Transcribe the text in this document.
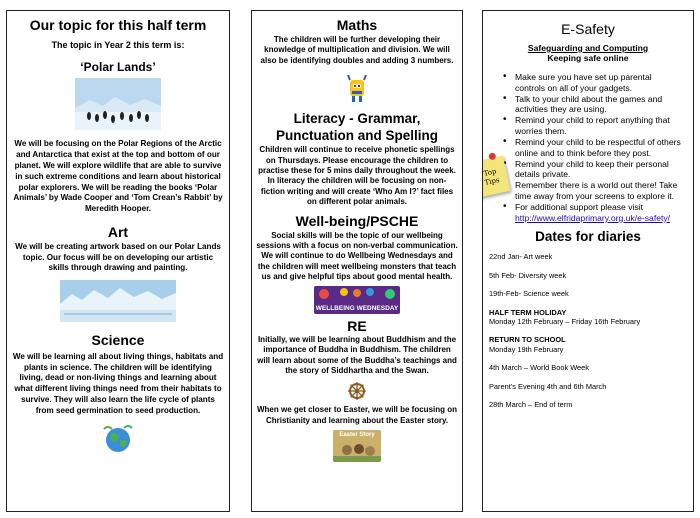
Our topic for this half term
The topic in Year 2 this term is:
‘Polar Lands’
We will be focusing on the Polar Regions of the Arctic and Antarctica that exist at the top and bottom of our planet. We will explore wildlife that are able to survive in such extreme conditions and learn about historical polar explorers. We will be reading the books ‘Polar Animals’ by Wade Cooper and ‘Tom Crean’s Rabbit’ by Meredith Hooper.
Art
We will be creating artwork based on our Polar Lands topic. Our focus will be on developing our artistic skills through drawing and painting.
Science
We will be learning all about living things, habitats and plants in science. The children will be identifying living, dead or non-living things and learning about what different living things need from their habitats to survive. They will also learn the life cycle of plants from seed germination to seed production.
Maths
The children will be further developing their knowledge of multiplication and division. We will also be identifying doubles and adding 3 numbers.
Literacy - Grammar, Punctuation and Spelling
Children will continue to receive phonetic spellings on Thursdays. Please encourage the children to practise these for 5 mins daily throughout the week.
In literacy the children will be focusing on non-fiction writing and will create ‘Who Am I?’ fact files on different polar animals.
Well-being/PSCHE
Social skills will be the topic of our wellbeing sessions with a focus on non-verbal communication. We will continue to do Wellbeing Wednesdays and the children will meet wellbeing monsters that teach us and give helpful tips about good mental health.
WELLBEING WEDNESDAY
RE
Initially, we will be learning about Buddhism and the importance of Buddha in Buddhism. The children will learn about some of the Buddha’s teachings and the story of Siddhartha and the Swan.
When we get closer to Easter, we will be focusing on Christianity and learning about the Easter story.
Easter Story
E-Safety
Safeguarding and Computing
Keeping safe online
• Make sure you have set up parental controls on all of your gadgets.
• Talk to your child about the games and activities they are using.
• Remind your child to report anything that worries them.
• Remind your child to be respectful of others online and to think before they post.
• Remind your child to keep their personal details private.
• Remember there is a world out there! Take time away from your screens to explore it.
• For additional support please visit http://www.elfridaprimary.org.uk/e-safety/
Top Tips
Dates for diaries
22nd Jan- Art week
5th Feb- Diversity week
19th-Feb- Science week
HALF TERM HOLIDAY
Monday 12th February – Friday 16th February
RETURN TO SCHOOL
Monday 19th February
4th March – World Book Week
Parent’s Evening 4th and 6th March
28th March – End of term
